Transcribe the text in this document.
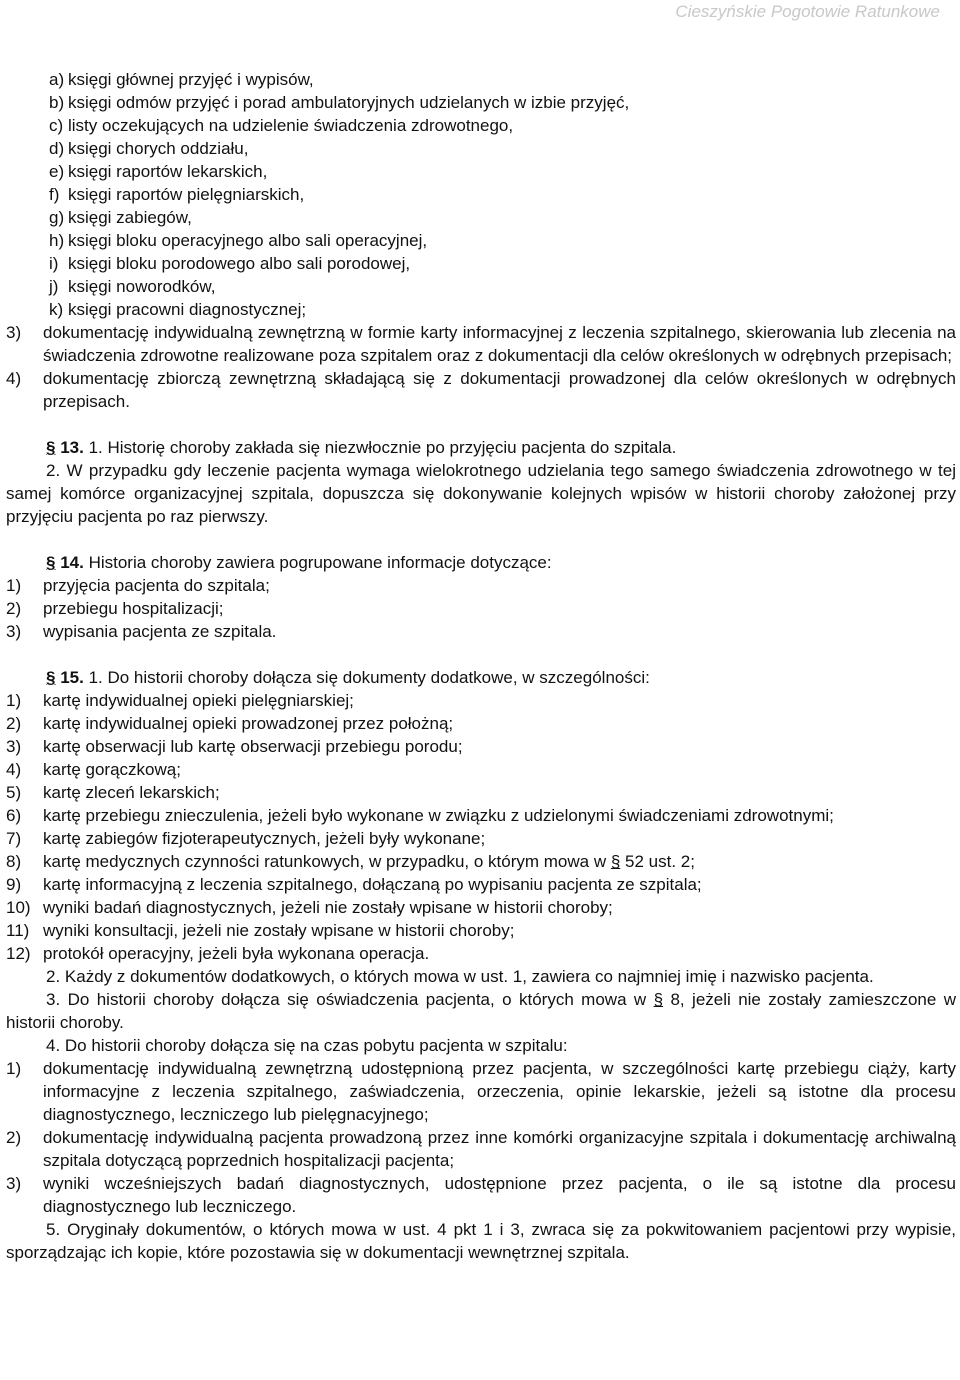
Cieszyńskie Pogotowie Ratunkowe
a) księgi głównej przyjęć i wypisów,
b) księgi odmów przyjęć i porad ambulatoryjnych udzielanych w izbie przyjęć,
c) listy oczekujących na udzielenie świadczenia zdrowotnego,
d) księgi chorych oddziału,
e) księgi raportów lekarskich,
f) księgi raportów pielęgniarskich,
g) księgi zabiegów,
h) księgi bloku operacyjnego albo sali operacyjnej,
i) księgi bloku porodowego albo sali porodowej,
j) księgi noworodków,
k) księgi pracowni diagnostycznej;
3)	dokumentację indywidualną zewnętrzną w formie karty informacyjnej z leczenia szpitalnego, skierowania lub zlecenia na świadczenia zdrowotne realizowane poza szpitalem oraz z dokumentacji dla celów określonych w odrębnych przepisach;
4)	dokumentację zbiorczą zewnętrzną składającą się z dokumentacji prowadzonej dla celów określonych w odrębnych przepisach.
§ 13. 1. Historię choroby zakłada się niezwłocznie po przyjęciu pacjenta do szpitala.
2. W przypadku gdy leczenie pacjenta wymaga wielokrotnego udzielania tego samego świadczenia zdrowotnego w tej samej komórce organizacyjnej szpitala, dopuszcza się dokonywanie kolejnych wpisów w historii choroby założonej przy przyjęciu pacjenta po raz pierwszy.
§ 14. Historia choroby zawiera pogrupowane informacje dotyczące:
1)	przyjęcia pacjenta do szpitala;
2)	przebiegu hospitalizacji;
3)	wypisania pacjenta ze szpitala.
§ 15. 1. Do historii choroby dołącza się dokumenty dodatkowe, w szczególności:
1)	kartę indywidualnej opieki pielęgniarskiej;
2)	kartę indywidualnej opieki prowadzonej przez położną;
3)	kartę obserwacji lub kartę obserwacji przebiegu porodu;
4)	kartę gorączkową;
5)	kartę zleceń lekarskich;
6)	kartę przebiegu znieczulenia, jeżeli było wykonane w związku z udzielonymi świadczeniami zdrowotnymi;
7)	kartę zabiegów fizjoterapeutycznych, jeżeli były wykonane;
8)	kartę medycznych czynności ratunkowych, w przypadku, o którym mowa w § 52 ust. 2;
9)	kartę informacyjną z leczenia szpitalnego, dołączaną po wypisaniu pacjenta ze szpitala;
10) wyniki badań diagnostycznych, jeżeli nie zostały wpisane w historii choroby;
11) wyniki konsultacji, jeżeli nie zostały wpisane w historii choroby;
12) protokół operacyjny, jeżeli była wykonana operacja.
2. Każdy z dokumentów dodatkowych, o których mowa w ust. 1, zawiera co najmniej imię i nazwisko pacjenta.
3. Do historii choroby dołącza się oświadczenia pacjenta, o których mowa w § 8, jeżeli nie zostały zamieszczone w historii choroby.
4. Do historii choroby dołącza się na czas pobytu pacjenta w szpitalu:
1)	dokumentację indywidualną zewnętrzną udostępnioną przez pacjenta, w szczególności kartę przebiegu ciąży, karty informacyjne z leczenia szpitalnego, zaświadczenia, orzeczenia, opinie lekarskie, jeżeli są istotne dla procesu diagnostycznego, leczniczego lub pielęgnacyjnego;
2)	dokumentację indywidualną pacjenta prowadzoną przez inne komórki organizacyjne szpitala i dokumentację archiwalną szpitala dotyczącą poprzednich hospitalizacji pacjenta;
3)	wyniki wcześniejszych badań diagnostycznych, udostępnione przez pacjenta, o ile są istotne dla procesu diagnostycznego lub leczniczego.
5. Oryginały dokumentów, o których mowa w ust. 4 pkt 1 i 3, zwraca się za pokwitowaniem pacjentowi przy wypisie, sporządzając ich kopie, które pozostawia się w dokumentacji wewnętrznej szpitala.
